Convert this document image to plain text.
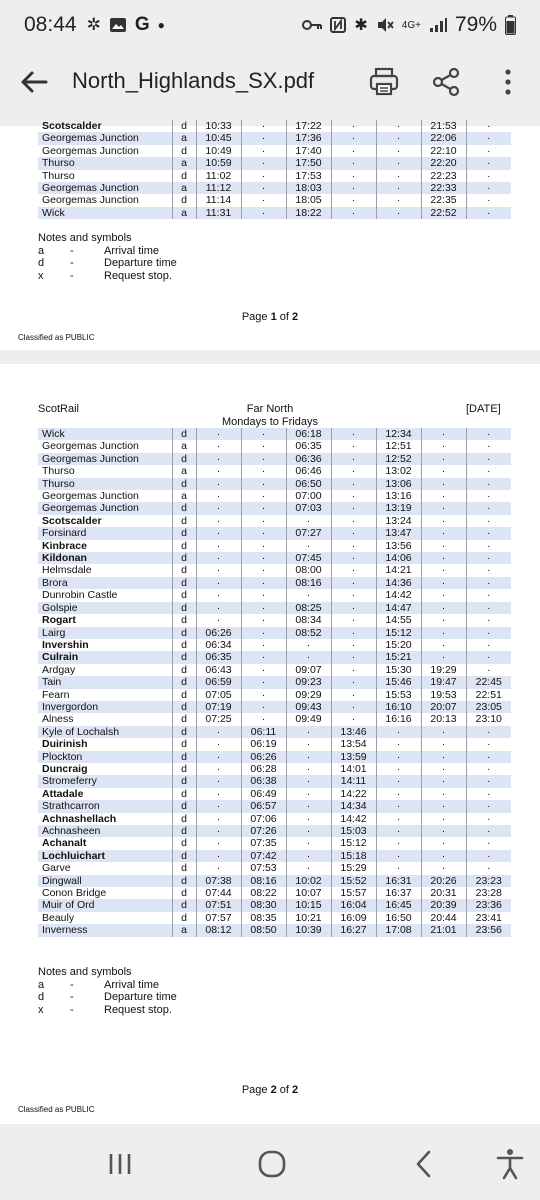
08:44 ✲ G ●	✱	4G+ 79%
North_Highlands_SX.pdf
Scotscalder	d	10:33	·	17:22	·	·	21:53	·
Georgemas Junction	a	10:45	·	17:36	·	·	22:06	·
Georgemas Junction	d	10:49	·	17:40	·	·	22:10	·
Thurso	a	10:59	·	17:50	·	·	22:20	·
Thurso	d	11:02	·	17:53	·	·	22:23	·
Georgemas Junction	a	11:12	·	18:03	·	·	22:33	·
Georgemas Junction	d	11:14	·	18:05	·	·	22:35	·
Wick	a	11:31	·	18:22	·	·	22:52	·
Notes and symbols
a	-	Arrival time
d	-	Departure time
x	-	Request stop.
Page 1 of 2
Classified as PUBLIC
ScotRail	Far North
Mondays to Fridays
[DATE]
Wick	d	·	·	06:18	·	12:34	·	·
Georgemas Junction	a	·	·	06:35	·	12:51	·	·
Georgemas Junction	d	·	·	06:36	·	12:52	·	·
Thurso	a	·	·	06:46	·	13:02	·	·
Thurso	d	·	·	06:50	·	13:06	·	·
Georgemas Junction	a	·	·	07:00	·	13:16	·	·
Georgemas Junction	d	·	·	07:03	·	13:19	·	·
Scotscalder	d	·	·	·	·	13:24	·	·
Forsinard	d	·	·	07:27	·	13:47	·	·
Kinbrace	d	·	·	·	·	13:56	·	·
Kildonan	d	·	·	07:45	·	14:06	·	·
Helmsdale	d	·	·	08:00	·	14:21	·	·
Brora	d	·	·	08:16	·	14:36	·	·
Dunrobin Castle	d	·	·	·	·	14:42	·	·
Golspie	d	·	·	08:25	·	14:47	·	·
Rogart	d	·	·	08:34	·	14:55	·	·
Lairg	d	06:26	·	08:52	·	15:12	·	·
Invershin	d	06:34	·	·	·	15:20	·	·
Culrain	d	06:35	·	·	·	15:21	·	·
Ardgay	d	06:43	·	09:07	·	15:30	19:29	·
Tain	d	06:59	·	09:23	·	15:46	19:47	22:45
Fearn	d	07:05	·	09:29	·	15:53	19:53	22:51
Invergordon	d	07:19	·	09:43	·	16:10	20:07	23:05
Alness	d	07:25	·	09:49	·	16:16	20:13	23:10
Kyle of Lochalsh	d	·	06:11	·	13:46	·	·	·
Duirinish	d	·	06:19	·	13:54	·	·	·
Plockton	d	·	06:26	·	13:59	·	·	·
Duncraig	d	·	06:28	·	14:01	·	·	·
Stromeferry	d	·	06:38	·	14:11	·	·	·
Attadale	d	·	06:49	·	14:22	·	·	·
Strathcarron	d	·	06:57	·	14:34	·	·	·
Achnashellach	d	·	07:06	·	14:42	·	·	·
Achnasheen	d	·	07:26	·	15:03	·	·	·
Achanalt	d	·	07:35	·	15:12	·	·	·
Lochluichart	d	·	07:42	·	15:18	·	·	·
Garve	d	·	07:53	·	15:29	·	·	·
Dingwall	d	07:38	08:16	10:02	15:52	16:31	20:26	23:23
Conon Bridge	d	07:44	08:22	10:07	15:57	16:37	20:31	23:28
Muir of Ord	d	07:51	08:30	10:15	16:04	16:45	20:39	23:36
Beauly	d	07:57	08:35	10:21	16:09	16:50	20:44	23:41
Inverness	a	08:12	08:50	10:39	16:27	17:08	21:01	23:56
Notes and symbols
a	-	Arrival time
d	-	Departure time
x	-	Request stop.
Page 2 of 2
Classified as PUBLIC
